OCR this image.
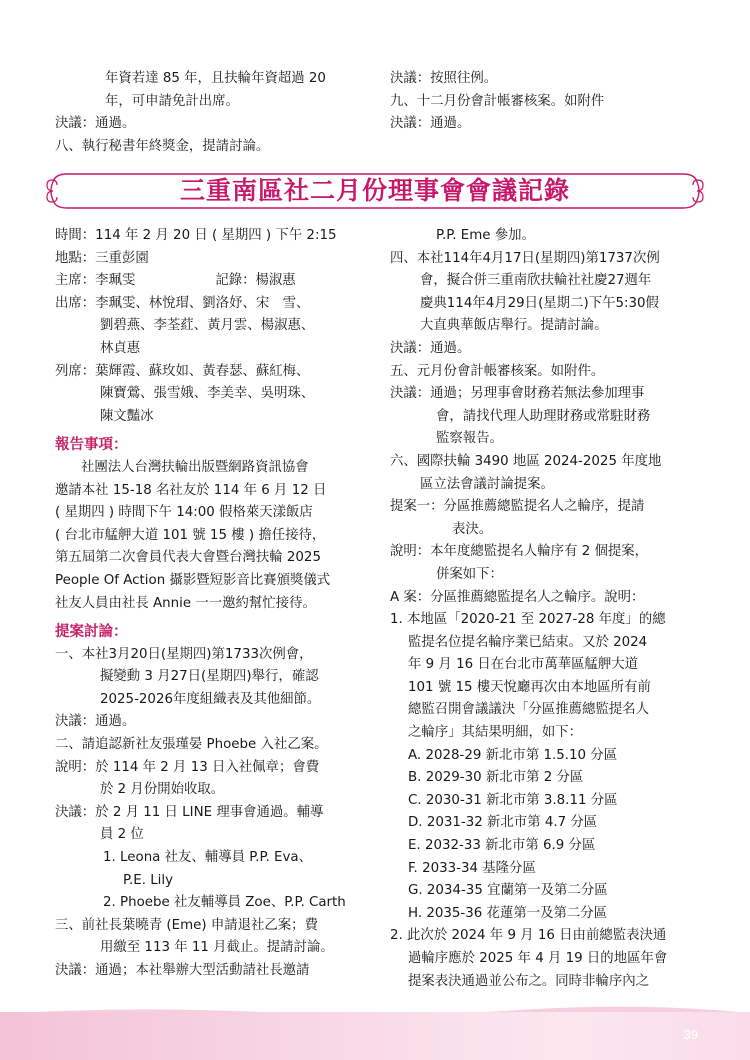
年資若達 85 年，且扶輪年資超過 20

年，可申請免計出席。

決議：通過。

八、執行秘書年終獎金，提請討論。

決議：按照往例。

九、十二月份會計帳審核案。如附件

決議：通過。

三重南區社二月份理事會會議記錄

時間：114 年 2 月 20 日 ( 星期四 ) 下午 2:15

地點：三重彭園

主席：李珮雯	記錄：楊淑惠

出席：李珮雯、林悅瑁、劉洛妤、宋　雪、

劉碧燕、李荃葒、黃月雲、楊淑惠、

林貞惠

列席：葉輝霞、蘇玫如、黃春瑟、蘇紅梅、

陳寶鶯、張雪娥、李美幸、吳明珠、

陳文豔冰

報告事項：

社團法人台灣扶輪出版暨網路資訊協會

邀請本社 15-18 名社友於 114 年 6 月 12 日

( 星期四 ) 時間下午 14:00 假格萊天漾飯店

( 台北市艋舺大道 101 號 15 樓 ) 擔任接待，

第五屆第二次會員代表大會暨台灣扶輪 2025

People Of Action 攝影暨短影音比賽頒獎儀式

社友人員由社長 Annie 一一邀約幫忙接待。

提案討論：

一、本社3月20日(星期四)第1733次例會，

擬變動 3 月27日(星期四)舉行，確認

2025-2026年度組織表及其他細節。

決議：通過。

二、請追認新社友張瑾晏 Phoebe 入社乙案。

說明：於 114 年 2 月 13 日入社佩章；會費

於 2 月份開始收取。

決議：於 2 月 11 日 LINE 理事會通過。輔導

員 2 位

1. Leona 社友、輔導員 P.P. Eva、

P.E. Lily

2. Phoebe 社友輔導員 Zoe、P.P. Carth

三、前社長葉曉青 (Eme) 申請退社乙案；費

用繳至 113 年 11 月截止。提請討論。

決議：通過；本社舉辦大型活動請社長邀請

P.P. Eme 參加。

四、本社114年4月17日(星期四)第1737次例

會，擬合併三重南欣扶輪社社慶27週年

慶典114年4月29日(星期二)下午5:30假

大直典華飯店舉行。提請討論。

決議：通過。

五、元月份會計帳審核案。如附件。

決議：通過；另理事會財務若無法參加理事

會，請找代理人助理財務或常駐財務

監察報告。

六、國際扶輪 3490 地區 2024-2025 年度地

區立法會議討論提案。

提案一：分區推薦總監提名人之輪序，提請

表決。

說明：本年度總監提名人輪序有 2 個提案，

併案如下：

A 案：分區推薦總監提名人之輪序。說明：

1. 本地區「2020-21 至 2027-28 年度」的總

監提名位提名輪序業已結束。又於 2024

年 9 月 16 日在台北市萬華區艋舺大道

101 號 15 樓天悅廳再次由本地區所有前

總監召開會議議決「分區推薦總監提名人

之輪序」其結果明細，如下：

A. 2028-29 新北市第 1.5.10 分區

B. 2029-30 新北市第 2 分區

C. 2030-31 新北市第 3.8.11 分區

D. 2031-32 新北市第 4.7 分區

E. 2032-33 新北市第 6.9 分區

F. 2033-34 基隆分區

G. 2034-35 宜蘭第一及第二分區

H. 2035-36 花蓮第一及第二分區

2. 此次於 2024 年 9 月 16 日由前總監表決通

過輪序應於 2025 年 4 月 19 日的地區年會

提案表決通過並公布之。同時非輪序內之

39
